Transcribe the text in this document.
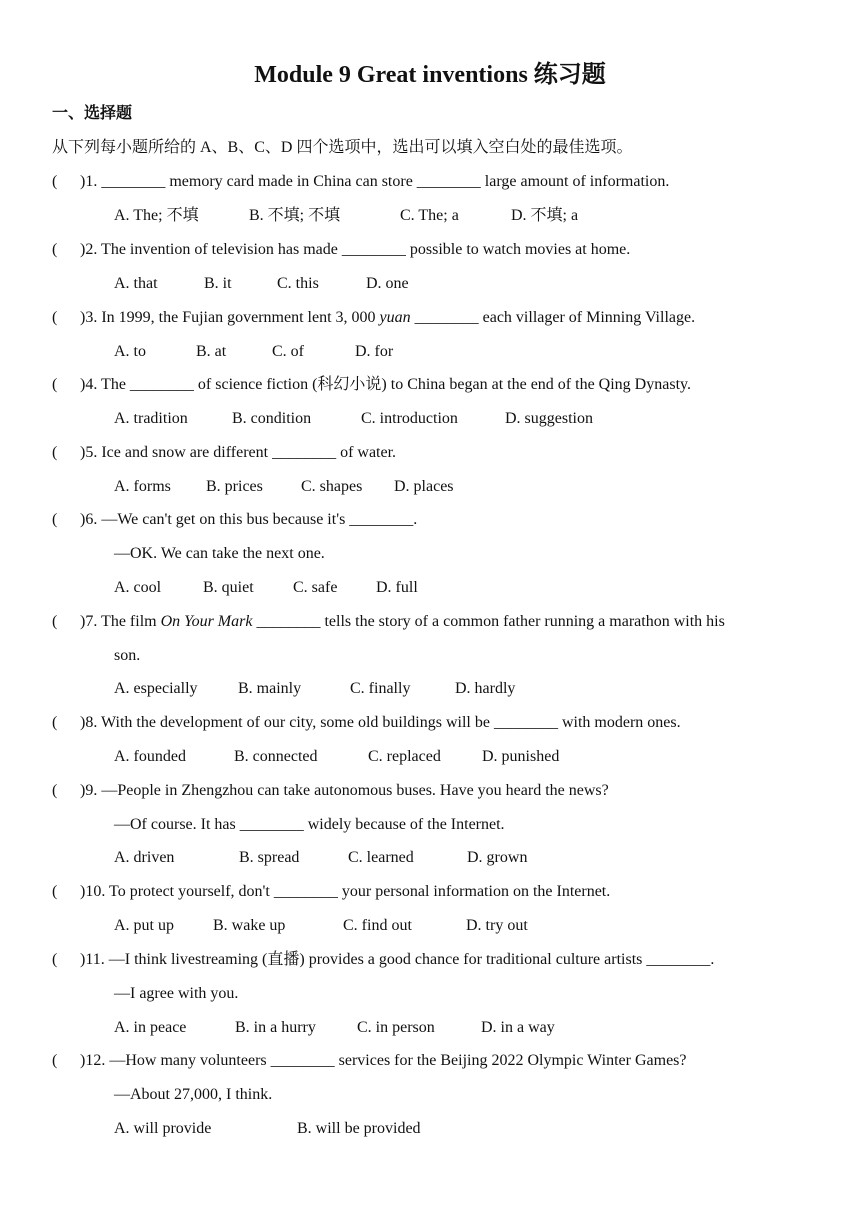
Module 9 Great inventions 练习题
一、选择题
从下列每小题所给的 A、B、C、D 四个选项中，选出可以填入空白处的最佳选项。
( )1. ________ memory card made in China can store ________ large amount of information.
A. The; 不填	B. 不填; 不填	C. The; a	D. 不填; a
( )2. The invention of television has made ________ possible to watch movies at home.
A. that	B. it	C. this	D. one
( )3. In 1999, the Fujian government lent 3, 000 yuan ________ each villager of Minning Village.
A. to	B. at	C. of	D. for
( )4. The ________ of science fiction (科幻小说) to China began at the end of the Qing Dynasty.
A. tradition	B. condition	C. introduction	D. suggestion
( )5. Ice and snow are different ________ of water.
A. forms B. prices C. shapes D. places
( )6. —We can't get on this bus because it's ________.
—OK. We can take the next one.
A. cool	B. quiet C. safe D. full
( )7. The film On Your Mark ________ tells the story of a common father running a marathon with his
son.
A. especially	B. mainly	C. finally	D. hardly
( )8. With the development of our city, some old buildings will be ________ with modern ones.
A. founded	B. connected	C. replaced	D. punished
( )9. —People in Zhengzhou can take autonomous buses. Have you heard the news?
—Of course. It has ________ widely because of the Internet.
A. driven	B. spread	C. learned	D. grown
( )10. To protect yourself, don't ________ your personal information on the Internet.
A. put up B. wake up	C. find out	D. try out
( )11. —I think livestreaming (直播) provides a good chance for traditional culture artists ________.
—I agree with you.
A. in peace	B. in a hurry	C. in person	D. in a way
( )12. —How many volunteers ________ services for the Beijing 2022 Olympic Winter Games?
—About 27,000, I think.
A. will provide	B. will be provided
